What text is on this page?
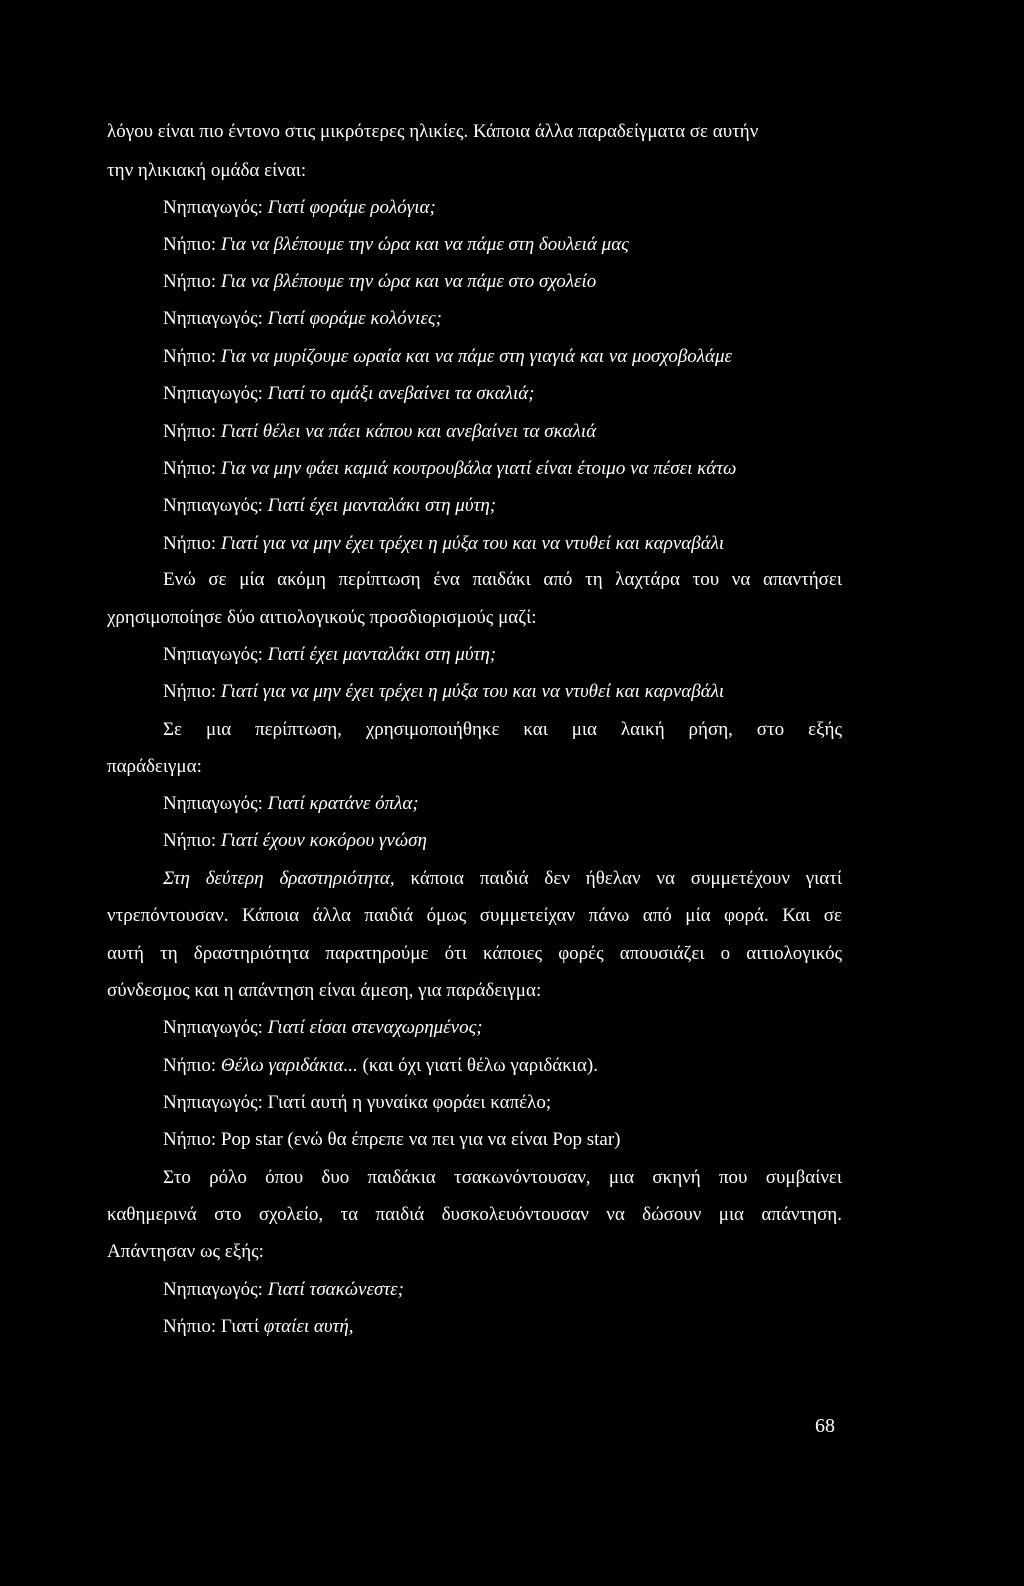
λόγου είναι πιο έντονο στις μικρότερες ηλικίες. Κάποια άλλα παραδείγματα σε αυτήν
την ηλικιακή ομάδα είναι:
Νηπιαγωγός: Γιατί φοράμε ρολόγια;
Νήπιο: Για να βλέπουμε την ώρα και να πάμε στη δουλειά μας
Νήπιο: Για να βλέπουμε την ώρα και να πάμε στο σχολείο
Νηπιαγωγός: Γιατί φοράμε κολόνιες;
Νήπιο: Για να μυρίζουμε ωραία και να πάμε στη γιαγιά και να μοσχοβολάμε
Νηπιαγωγός: Γιατί το αμάξι ανεβαίνει τα σκαλιά;
Νήπιο: Γιατί θέλει να πάει κάπου και ανεβαίνει τα σκαλιά
Νήπιο: Για να μην φάει καμιά κουτρουβάλα γιατί είναι έτοιμο να πέσει κάτω
Νηπιαγωγός: Γιατί έχει μανταλάκι στη μύτη;
Νήπιο: Γιατί για να μην έχει τρέχει η μύξα του και να ντυθεί και καρναβάλι
Ενώ σε μία ακόμη περίπτωση ένα παιδάκι από τη λαχτάρα του να απαντήσει
χρησιμοποίησε δύο αιτιολογικούς προσδιορισμούς μαζί:
Νηπιαγωγός: Γιατί έχει μανταλάκι στη μύτη;
Νήπιο: Γιατί για να μην έχει τρέχει η μύξα του και να ντυθεί και καρναβάλι
Σε μια περίπτωση, χρησιμοποιήθηκε και μια λαική ρήση, στο εξής
παράδειγμα:
Νηπιαγωγός: Γιατί κρατάνε όπλα;
Νήπιο: Γιατί έχουν κοκόρου γνώση
Στη δεύτερη δραστηριότητα, κάποια παιδιά δεν ήθελαν να συμμετέχουν γιατί
ντρεπόντουσαν. Κάποια άλλα παιδιά όμως συμμετείχαν πάνω από μία φορά. Και σε
αυτή τη δραστηριότητα παρατηρούμε ότι κάποιες φορές απουσιάζει ο αιτιολογικός
σύνδεσμος και η απάντηση είναι άμεση, για παράδειγμα:
Νηπιαγωγός: Γιατί είσαι στεναχωρημένος;
Νήπιο: Θέλω γαριδάκια... (και όχι γιατί θέλω γαριδάκια).
Νηπιαγωγός: Γιατί αυτή η γυναίκα φοράει καπέλο;
Νήπιο: Pop star (ενώ θα έπρεπε να πει για να είναι Pop star)
Στο ρόλο όπου δυο παιδάκια τσακωνόντουσαν, μια σκηνή που συμβαίνει
καθημερινά στο σχολείο, τα παιδιά δυσκολευόντουσαν να δώσουν μια απάντηση.
Απάντησαν ως εξής:
Νηπιαγωγός: Γιατί τσακώνεστε;
Νήπιο: Γιατί φταίει αυτή,
68
